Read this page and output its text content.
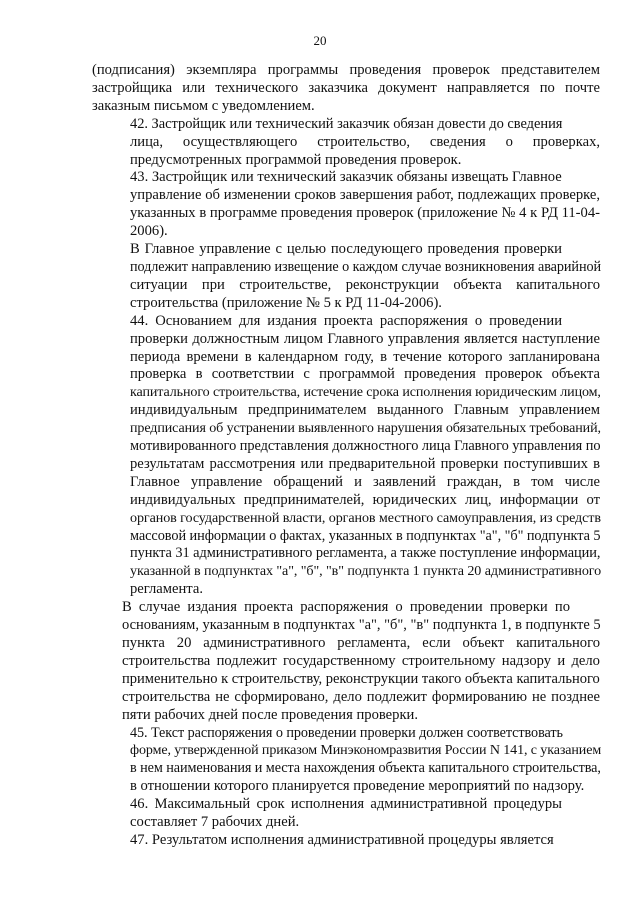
20

(подписания) экземпляра программы проведения проверок представителем
застройщика или технического заказчика документ направляется по почте
заказным письмом с уведомлением.

42. Застройщик или технический заказчик обязан довести до сведения
лица, осуществляющего строительство, сведения о проверках,
предусмотренных программой проведения проверок.

43. Застройщик или технический заказчик обязаны извещать Главное
управление об изменении сроков завершения работ, подлежащих проверке,
указанных в программе проведения проверок (приложение № 4 к РД 11-04-
2006).

В Главное управление с целью последующего проведения проверки
подлежит направлению извещение о каждом случае возникновения аварийной
ситуации при строительстве, реконструкции объекта капитального
строительства (приложение № 5 к РД 11-04-2006).

44. Основанием для издания проекта распоряжения о проведении
проверки должностным лицом Главного управления является наступление
периода времени в календарном году, в течение которого запланирована
проверка в соответствии с программой проведения проверок объекта
капитального строительства, истечение срока исполнения юридическим лицом,
индивидуальным предпринимателем выданного Главным управлением
предписания об устранении выявленного нарушения обязательных требований,
мотивированного представления должностного лица Главного управления по
результатам рассмотрения или предварительной проверки поступивших в
Главное управление обращений и заявлений граждан, в том числе
индивидуальных предпринимателей, юридических лиц, информации от
органов государственной власти, органов местного самоуправления, из средств
массовой информации о фактах, указанных в подпунктах "а", "б" подпункта 5
пункта 31 административного регламента, а также поступление информации,
указанной в подпунктах "а", "б", "в" подпункта 1 пункта 20 административного
регламента.

В случае издания проекта распоряжения о проведении проверки по
основаниям, указанным в подпунктах "а", "б", "в" подпункта 1, в подпункте 5
пункта 20 административного регламента, если объект капитального
строительства подлежит государственному строительному надзору и дело
применительно к строительству, реконструкции такого объекта капитального
строительства не сформировано, дело подлежит формированию не позднее
пяти рабочих дней после проведения проверки.

45. Текст распоряжения о проведении проверки должен соответствовать
форме, утвержденной приказом Минэкономразвития России N 141, с указанием
в нем наименования и места нахождения объекта капитального строительства,
в отношении которого планируется проведение мероприятий по надзору.

46. Максимальный срок исполнения административной процедуры
составляет 7 рабочих дней.

47. Результатом исполнения административной процедуры является
